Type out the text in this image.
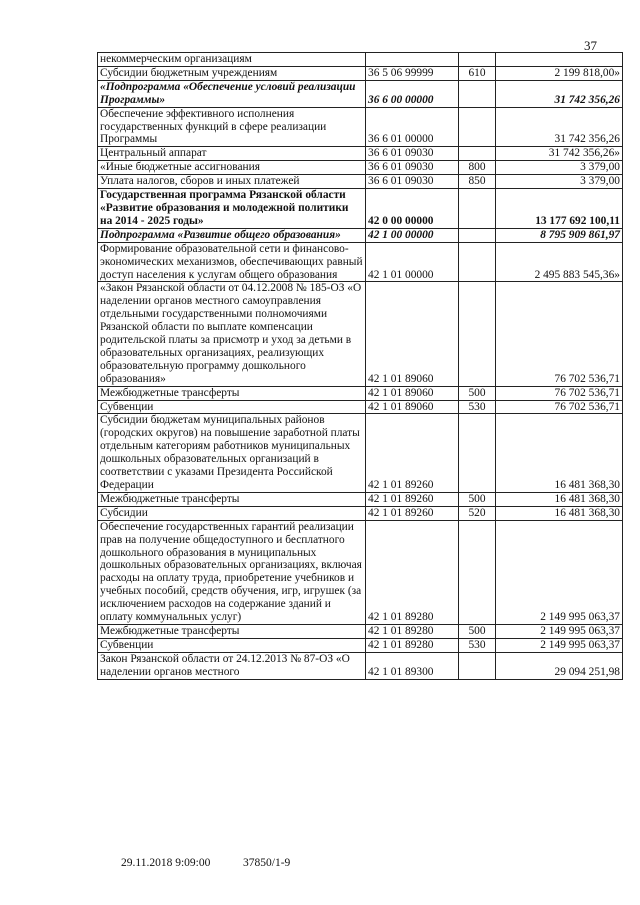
37
некоммерческим организациям			
Субсидии бюджетным учреждениям	36 5 06 99999	610	2 199 818,00»
«Подпрограмма «Обеспечение условий реализации Программы»	36 6 00 00000		31 742 356,26
Обеспечение эффективного исполнения государственных функций в сфере реализации Программы	36 6 01 00000		31 742 356,26
Центральный аппарат	36 6 01 09030		31 742 356,26»
«Иные бюджетные ассигнования	36 6 01 09030	800	3 379,00
Уплата налогов, сборов и иных платежей	36 6 01 09030	850	3 379,00
Государственная программа Рязанской области «Развитие образования и молодежной политики на 2014 - 2025 годы»	42 0 00 00000		13 177 692 100,11
Подпрограмма «Развитие общего образования»	42 1 00 00000		8 795 909 861,97
Формирование образовательной сети и финансово-экономических механизмов, обеспечивающих равный доступ населения к услугам общего образования	42 1 01 00000		2 495 883 545,36»
«Закон Рязанской области от 04.12.2008 № 185-ОЗ «О наделении органов местного самоуправления отдельными государственными полномочиями Рязанской области по выплате компенсации родительской платы за присмотр и уход за детьми в образовательных организациях, реализующих образовательную программу дошкольного образования»	42 1 01 89060		76 702 536,71
Межбюджетные трансферты	42 1 01 89060	500	76 702 536,71
Субвенции	42 1 01 89060	530	76 702 536,71
Субсидии бюджетам муниципальных районов (городских округов) на повышение заработной платы отдельным категориям работников муниципальных дошкольных образовательных организаций в соответствии с указами Президента Российской Федерации	42 1 01 89260		16 481 368,30
Межбюджетные трансферты	42 1 01 89260	500	16 481 368,30
Субсидии	42 1 01 89260	520	16 481 368,30
Обеспечение государственных гарантий реализации прав на получение общедоступного и бесплатного дошкольного образования в муниципальных дошкольных образовательных организациях, включая расходы на оплату труда, приобретение учебников и учебных пособий, средств обучения, игр, игрушек (за исключением расходов на содержание зданий и оплату коммунальных услуг)	42 1 01 89280		2 149 995 063,37
Межбюджетные трансферты	42 1 01 89280	500	2 149 995 063,37
Субвенции	42 1 01 89280	530	2 149 995 063,37
Закон Рязанской области от 24.12.2013 № 87-ОЗ «О наделении органов местного	42 1 01 89300		29 094 251,98
29.11.2018 9:09:00	37850/1-9
